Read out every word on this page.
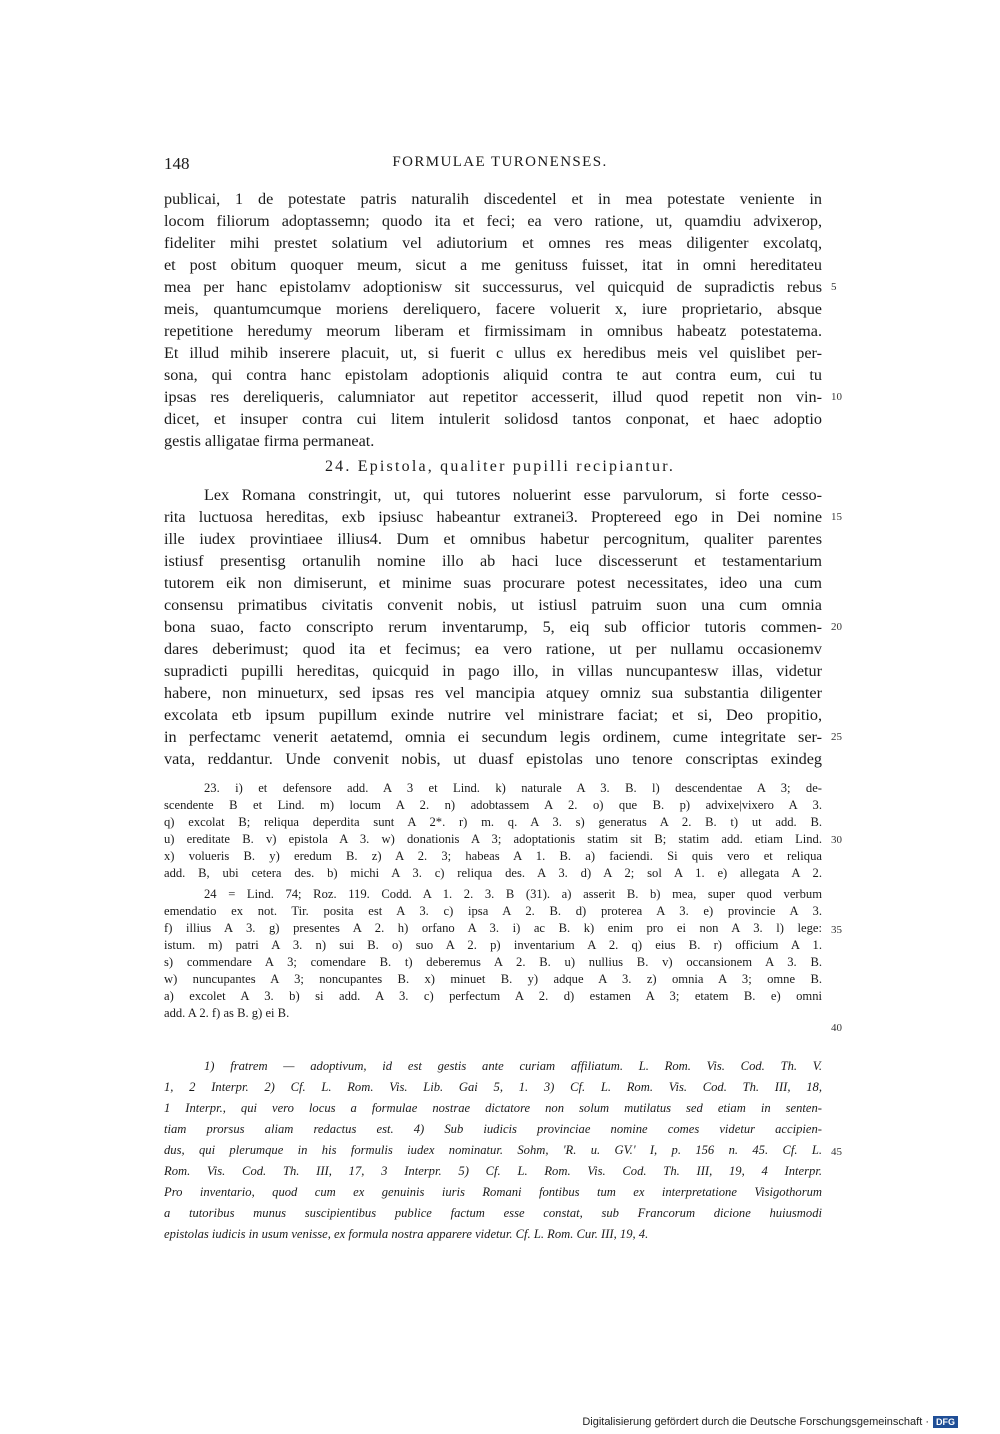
148	FORMULAE TURONENSES.
publicai, 1 de potestate patris naturalih discedentel et in mea potestate veniente in
locom filiorum adoptassemn; quodo ita et feci; ea vero ratione, ut, quamdiu advixerop,
fideliter mihi prestet solatium vel adiutorium et omnes res meas diligenter excolatq,
et post obitum quoquer meum, sicut a me genituss fuisset, itat in omni hereditateu
mea per hanc epistolamv adoptionisw sit successurus, vel quicquid de supradictis rebus
meis, quantumcumque moriens dereliquero, facere voluerit x, iure proprietario, absque
repetitione heredumy meorum liberam et firmissimam in omnibus habeatz potestatema.
Et illud mihib inserere placuit, ut, si fuerit c ullus ex heredibus meis vel quislibet per-
sona, qui contra hanc epistolam adoptionis aliquid contra te aut contra eum, cui tu
ipsas res dereliqueris, calumniator aut repetitor accesserit, illud quod repetit non vin-
dicet, et insuper contra cui litem intulerit solidosd tantos conponat, et haec adoptio
gestis alligatae firma permaneat.
24. Epistola, qualiter pupilli recipiantur.
Lex Romana constringit, ut, qui tutores noluerint esse parvulorum, si forte cesso-
rita luctuosa hereditas, exb ipsiusc habeantur extranei3. Proptereed ego in Dei nomine
ille iudex provintiaee illius4. Dum et omnibus habetur percognitum, qualiter parentes
istiusf presentisg ortanulih nomine illo ab haci luce discesserunt et testamentarium
tutorem eik non dimiserunt, et minime suas procurare potest necessitates, ideo una cum
consensu primatibus civitatis convenit nobis, ut istiusl patruim suon una cum omnia
bona suao, facto conscripto rerum inventarump, 5, eiq sub officior tutoris commen-
dares deberimust; quod ita et fecimus; ea vero ratione, ut per nullamu occasionemv
supradicti pupilli hereditas, quicquid in pago illo, in villas nuncupantesw illas, videtur
habere, non minueturx, sed ipsas res vel mancipia atquey omniz sua substantia diligenter
excolata etb ipsum pupillum exinde nutrire vel ministrare faciat; et si, Deo propitio,
in perfectamc venerit aetatemd, omnia ei secundum legis ordinem, cume integritate ser-
vata, reddantur. Unde convenit nobis, ut duasf epistolas uno tenore conscriptas exindeg
23. i) et defensore add. A 3 et Lind. k) naturale A 3. B. l) descendentae A 3; de-
scendente B et Lind. m) locum A 2. n) adobtassem A 2. o) que B. p) advixe|vixero A 3.
q) excolat B; reliqua deperdita sunt A 2*. r) m. q. A 3. s) generatus A 2. B. t) ut add. B.
u) ereditate B. v) epistola A 3. w) donationis A 3; adoptationis statim sit B; statim add. etiam Lind.
x) volueris B. y) eredum B. z) A 2. 3; habeas A 1. B. a) faciendi. Si quis vero et reliqua
add. B, ubi cetera des. b) michi A 3. c) reliqua des. A 3. d) A 2; sol A 1. e) allegata A 2.
24 = Lind. 74; Roz. 119. Codd. A 1. 2. 3. B (31). a) asserit B. b) mea, super quod verbum
emendatio ex not. Tir. posita est A 3. c) ipsa A 2. B. d) proterea A 3. e) provincie A 3.
f) illius A 3. g) presentes A 2. h) orfano A 3. i) ac B. k) enim pro ei non A 3. l) lege:
istum. m) patri A 3. n) sui B. o) suo A 2. p) inventarium A 2. q) eius B. r) officium A 1.
s) commendare A 3; comendare B. t) deberemus A 2. B. u) nullius B. v) occansionem A 3. B.
w) nuncupantes A 3; noncupantes B. x) minuet B. y) adque A 3. z) omnia A 3; omne B.
a) excolet A 3. b) si add. A 3. c) perfectum A 2. d) estamen A 3; etatem B. e) omni
add. A 2. f) as B. g) ei B.
1) fratrem — adoptivum, id est gestis ante curiam affiliatum. L. Rom. Vis. Cod. Th. V.
1, 2 Interpr. 2) Cf. L. Rom. Vis. Lib. Gai 5, 1. 3) Cf. L. Rom. Vis. Cod. Th. III, 18,
1 Interpr., qui vero locus a formulae nostrae dictatore non solum mutilatus sed etiam in senten-
tiam prorsus aliam redactus est. 4) Sub iudicis provinciae nomine comes videtur accipien-
dus, qui plerumque in his formulis iudex nominatur. Sohm, 'R. u. GV.' I, p. 156 n. 45. Cf. L.
Rom. Vis. Cod. Th. III, 17, 3 Interpr. 5) Cf. L. Rom. Vis. Cod. Th. III, 19, 4 Interpr.
Pro inventario, quod cum ex genuinis iuris Romani fontibus tum ex interpretatione Visigothorum
a tutoribus munus suscipientibus publice factum esse constat, sub Francorum dicione huiusmodi
epistolas iudicis in usum venisse, ex formula nostra apparere videtur. Cf. L. Rom. Cur. III, 19, 4.
5
10
15
20
25
30
35
40
45
Digitalisierung gefördert durch die Deutsche Forschungsgemeinschaft · DFG
